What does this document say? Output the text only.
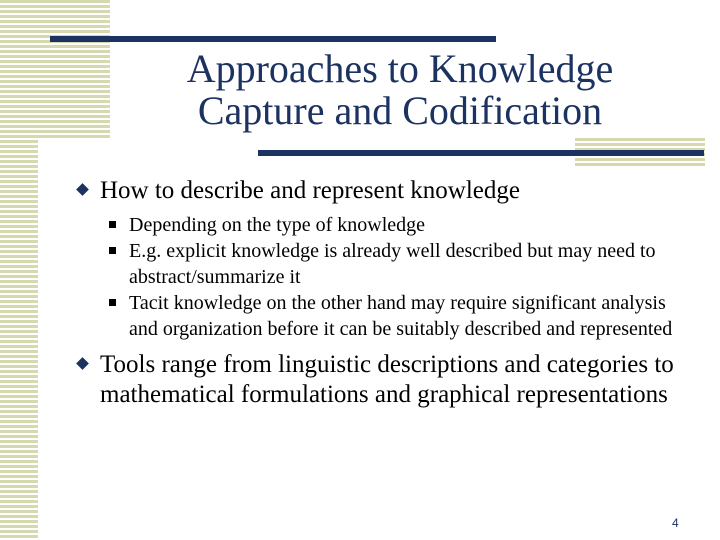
Approaches to Knowledge
Capture and Codification
How to describe and represent knowledge
Depending on the type of knowledge
E.g. explicit knowledge is already well described but may need to abstract/summarize it
Tacit knowledge on the other hand may require significant analysis and organization before it can be suitably described and represented
Tools range from linguistic descriptions and categories to mathematical formulations and graphical representations
4
